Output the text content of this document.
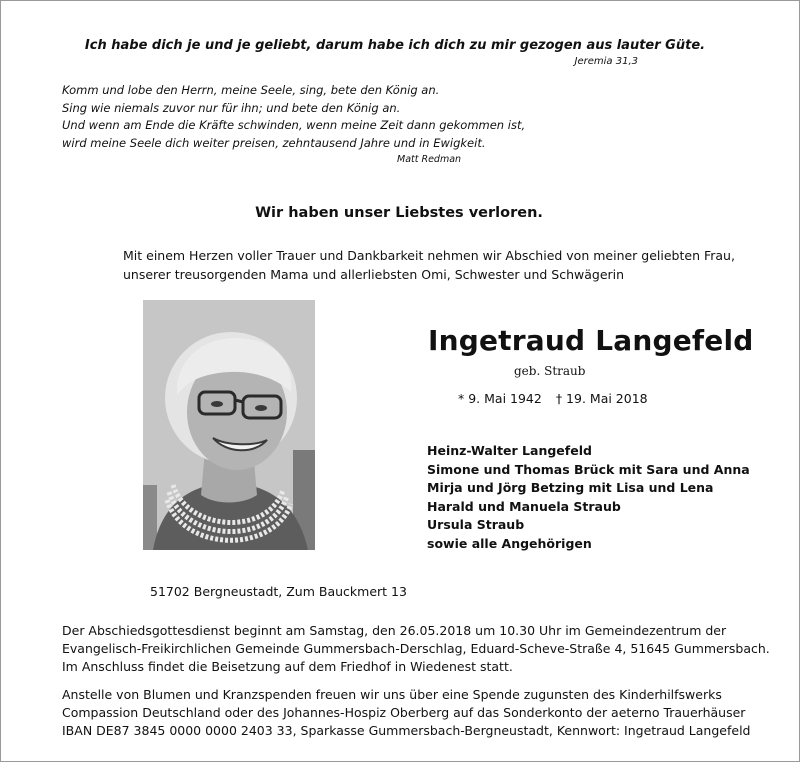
Ich habe dich je und je geliebt, darum habe ich dich zu mir gezogen aus lauter Güte.
Jeremia 31,3
Komm und lobe den Herrn, meine Seele, sing, bete den König an.
Sing wie niemals zuvor nur für ihn; und bete den König an.
Und wenn am Ende die Kräfte schwinden, wenn meine Zeit dann gekommen ist,
wird meine Seele dich weiter preisen, zehntausend Jahre und in Ewigkeit.
Matt Redman
Wir haben unser Liebstes verloren.
Mit einem Herzen voller Trauer und Dankbarkeit nehmen wir Abschied von meiner geliebten Frau,
unserer treusorgenden Mama und allerliebsten Omi, Schwester und Schwägerin
Ingetraud Langefeld
geb. Straub
* 9. Mai 1942 † 19. Mai 2018
Heinz-Walter Langefeld
Simone und Thomas Brück mit Sara und Anna
Mirja und Jörg Betzing mit Lisa und Lena
Harald und Manuela Straub
Ursula Straub
sowie alle Angehörigen
51702 Bergneustadt, Zum Bauckmert 13
Der Abschiedsgottesdienst beginnt am Samstag, den 26.05.2018 um 10.30 Uhr im Gemeindezentrum der
Evangelisch-Freikirchlichen Gemeinde Gummersbach-Derschlag, Eduard-Scheve-Straße 4, 51645 Gummersbach.
Im Anschluss findet die Beisetzung auf dem Friedhof in Wiedenest statt.
Anstelle von Blumen und Kranzspenden freuen wir uns über eine Spende zugunsten des Kinderhilfswerks
Compassion Deutschland oder des Johannes-Hospiz Oberberg auf das Sonderkonto der aeterno Trauerhäuser
IBAN DE87 3845 0000 0000 2403 33, Sparkasse Gummersbach-Bergneustadt, Kennwort: Ingetraud Langefeld
